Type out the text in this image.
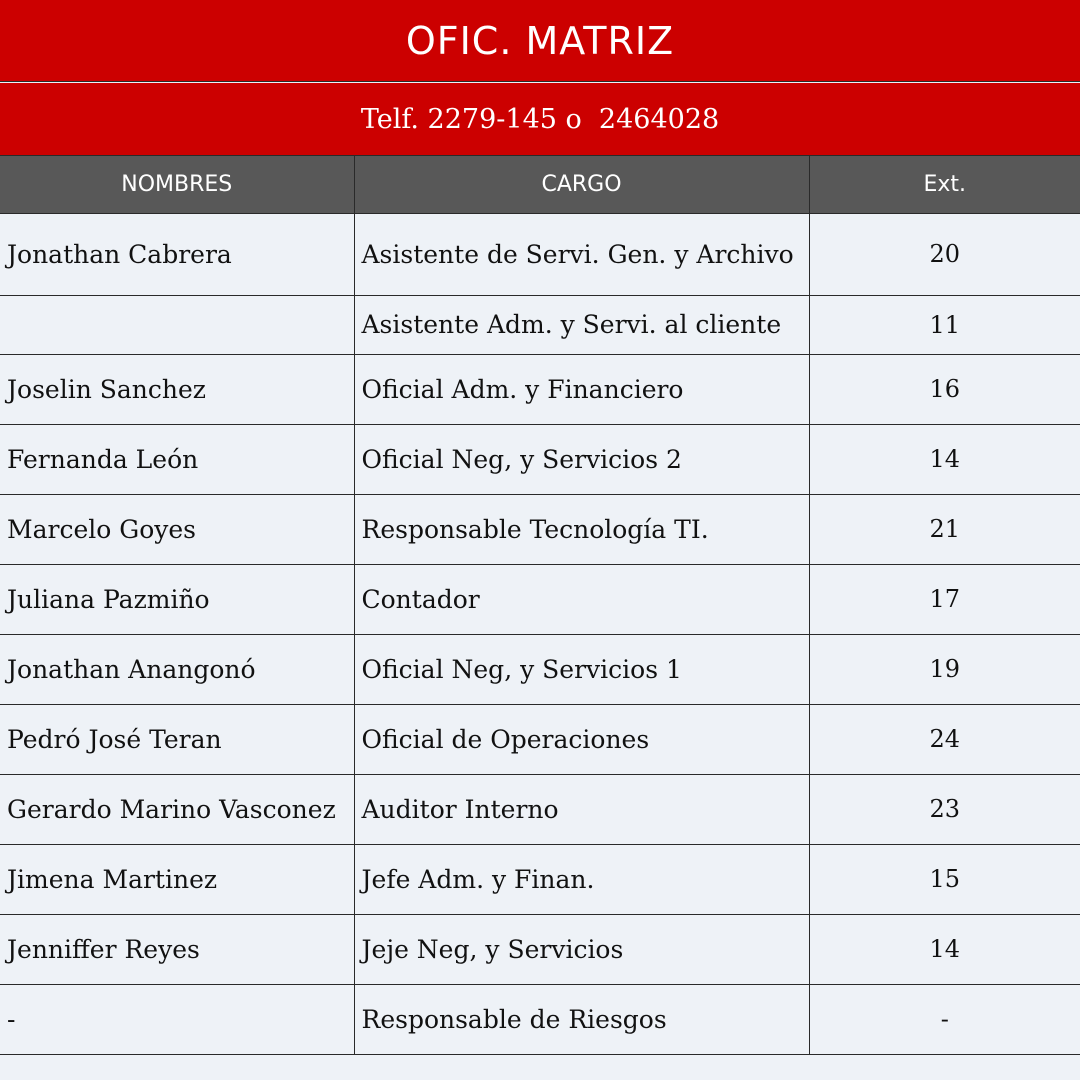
OFIC. MATRIZ
Telf. 2279-145 o  2464028
NOMBRES	CARGO	Ext.
Jonathan Cabrera	Asistente de Servi. Gen. y Archivo	20
	Asistente Adm. y Servi. al cliente	11
Joselin Sanchez	Oficial Adm. y Financiero	16
Fernanda León	Oficial Neg, y Servicios 2	14
Marcelo Goyes	Responsable Tecnología TI.	21
Juliana Pazmiño	Contador	17
Jonathan Anangonó	Oficial Neg, y Servicios 1	19
Pedró José Teran	Oficial de Operaciones	24
Gerardo Marino Vasconez	Auditor Interno	23
Jimena Martinez	Jefe Adm. y Finan.	15
Jenniffer Reyes	Jeje Neg, y Servicios	14
-	Responsable de Riesgos	-
